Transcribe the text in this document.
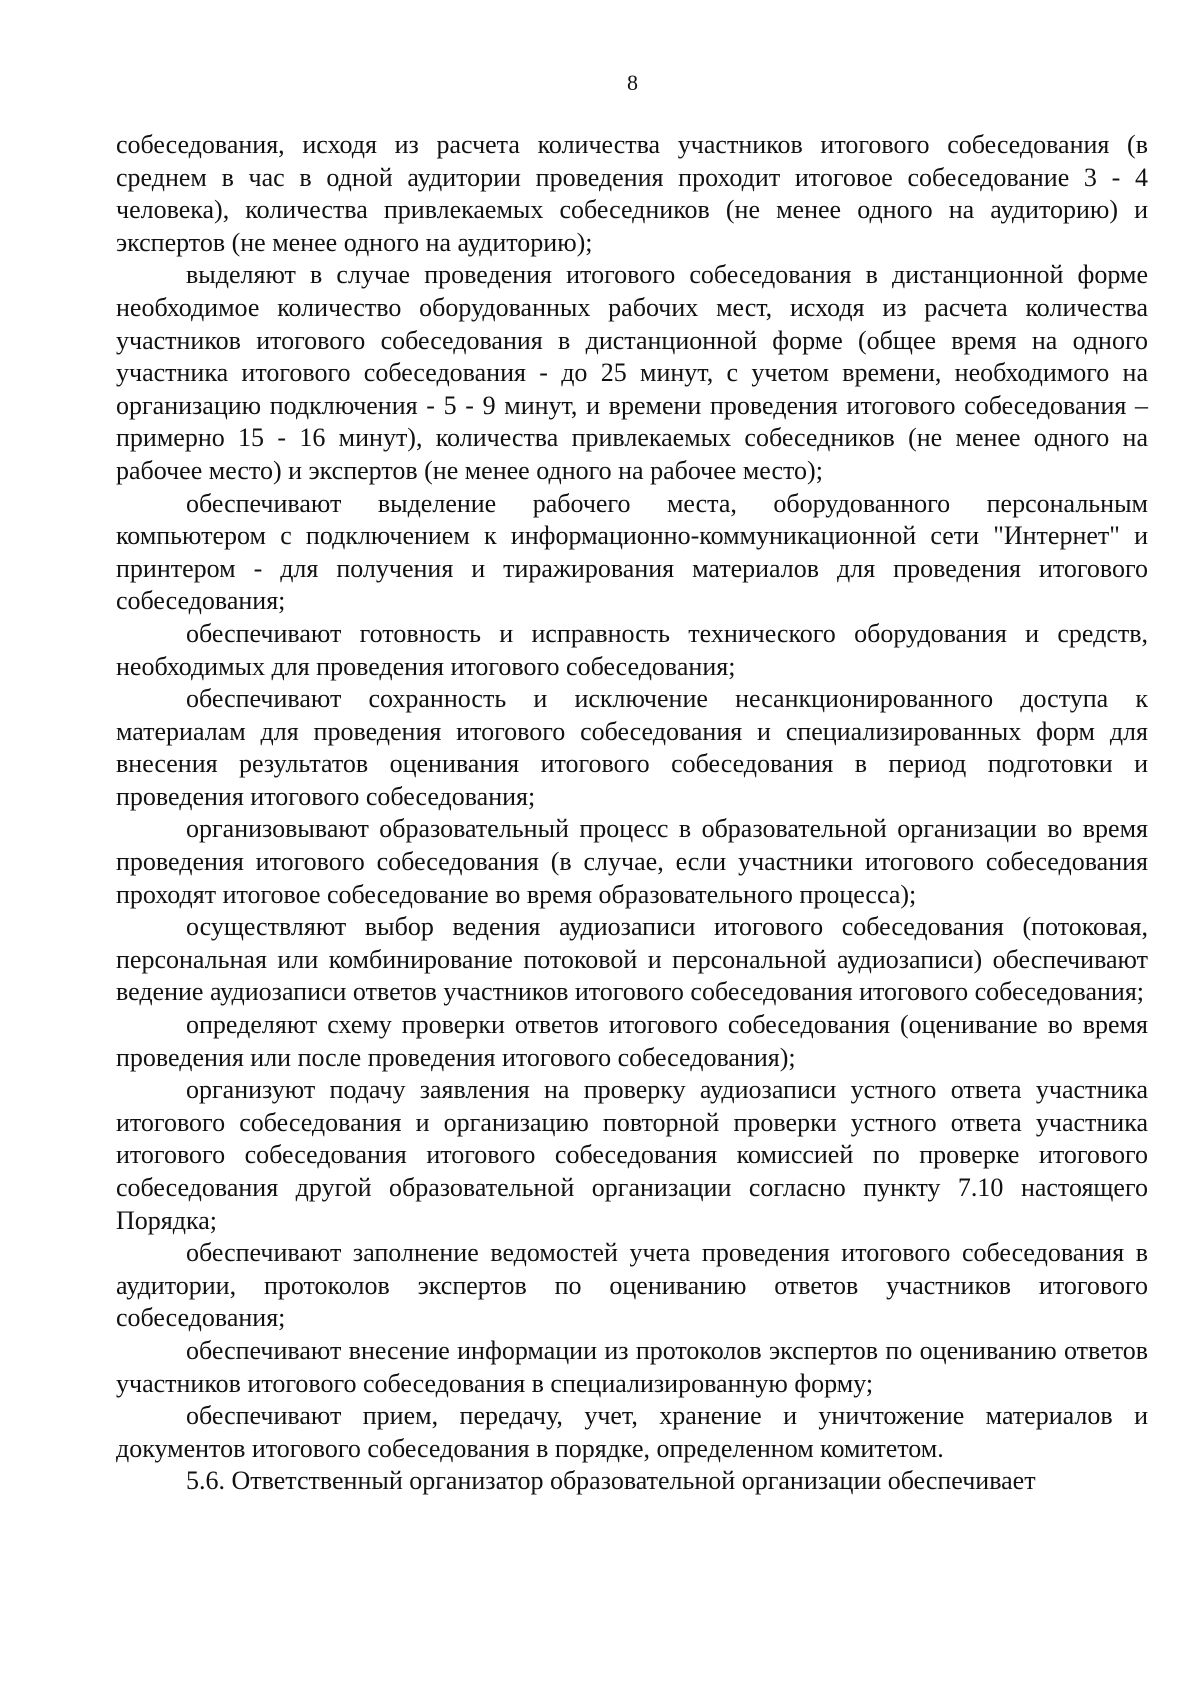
8

собеседования, исходя из расчета количества участников итогового собеседования (в среднем в час в одной аудитории проведения проходит итоговое собеседование 3 - 4 человека), количества привлекаемых собеседников (не менее одного на аудиторию) и экспертов (не менее одного на аудиторию);

выделяют в случае проведения итогового собеседования в дистанционной форме необходимое количество оборудованных рабочих мест, исходя из расчета количества участников итогового собеседования в дистанционной форме (общее время на одного участника итогового собеседования - до 25 минут, с учетом времени, необходимого на организацию подключения - 5 - 9 минут, и времени проведения итогового собеседования – примерно 15 - 16 минут), количества привлекаемых собеседников (не менее одного на рабочее место) и экспертов (не менее одного на рабочее место);

обеспечивают выделение рабочего места, оборудованного персональным компьютером с подключением к информационно-коммуникационной сети "Интернет" и принтером - для получения и тиражирования материалов для проведения итогового собеседования;

обеспечивают готовность и исправность технического оборудования и средств, необходимых для проведения итогового собеседования;

обеспечивают сохранность и исключение несанкционированного доступа к материалам для проведения итогового собеседования и специализированных форм для внесения результатов оценивания итогового собеседования в период подготовки и проведения итогового собеседования;

организовывают образовательный процесс в образовательной организации во время проведения итогового собеседования (в случае, если участники итогового собеседования проходят итоговое собеседование во время образовательного процесса);

осуществляют выбор ведения аудиозаписи итогового собеседования (потоковая, персональная или комбинирование потоковой и персональной аудиозаписи) обеспечивают ведение аудиозаписи ответов участников итогового собеседования итогового собеседования;

определяют схему проверки ответов итогового собеседования (оценивание во время проведения или после проведения итогового собеседования);

организуют подачу заявления на проверку аудиозаписи устного ответа участника итогового собеседования и организацию повторной проверки устного ответа участника итогового собеседования итогового собеседования комиссией по проверке итогового собеседования другой образовательной организации согласно пункту 7.10 настоящего Порядка;

обеспечивают заполнение ведомостей учета проведения итогового собеседования в аудитории, протоколов экспертов по оцениванию ответов участников итогового собеседования;

обеспечивают внесение информации из протоколов экспертов по оцениванию ответов участников итогового собеседования в специализированную форму;

обеспечивают прием, передачу, учет, хранение и уничтожение материалов и документов итогового собеседования в порядке, определенном комитетом.

5.6. Ответственный организатор образовательной организации обеспечивает
